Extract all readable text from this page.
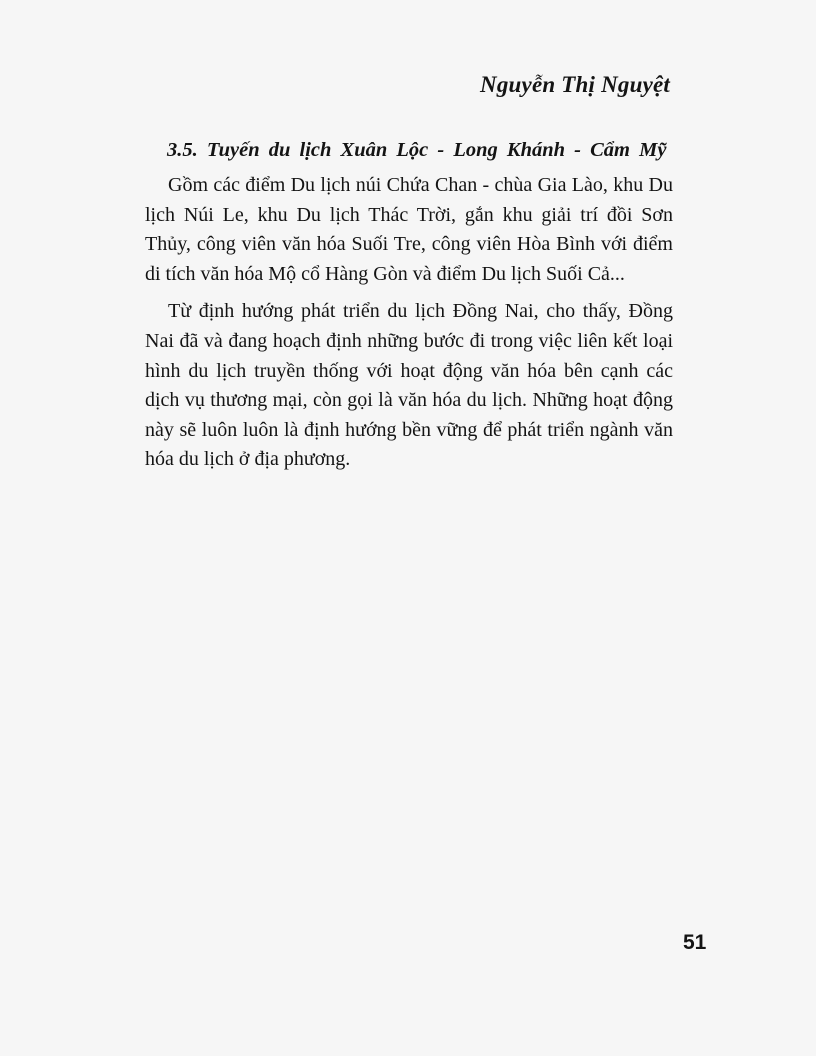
Nguyễn Thị Nguyệt
3.5. Tuyến du lịch Xuân Lộc - Long Khánh - Cẩm Mỹ

Gồm các điểm Du lịch núi Chứa Chan - chùa Gia Lào, khu Du lịch Núi Le, khu Du lịch Thác Trời, gắn khu giải trí đồi Sơn Thủy, công viên văn hóa Suối Tre, công viên Hòa Bình với điểm di tích văn hóa Mộ cổ Hàng Gòn và điểm Du lịch Suối Cả...

Từ định hướng phát triển du lịch Đồng Nai, cho thấy, Đồng Nai đã và đang hoạch định những bước đi trong việc liên kết loại hình du lịch truyền thống với hoạt động văn hóa bên cạnh các dịch vụ thương mại, còn gọi là văn hóa du lịch. Những hoạt động này sẽ luôn luôn là định hướng bền vững để phát triển ngành văn hóa du lịch ở địa phương.

51
